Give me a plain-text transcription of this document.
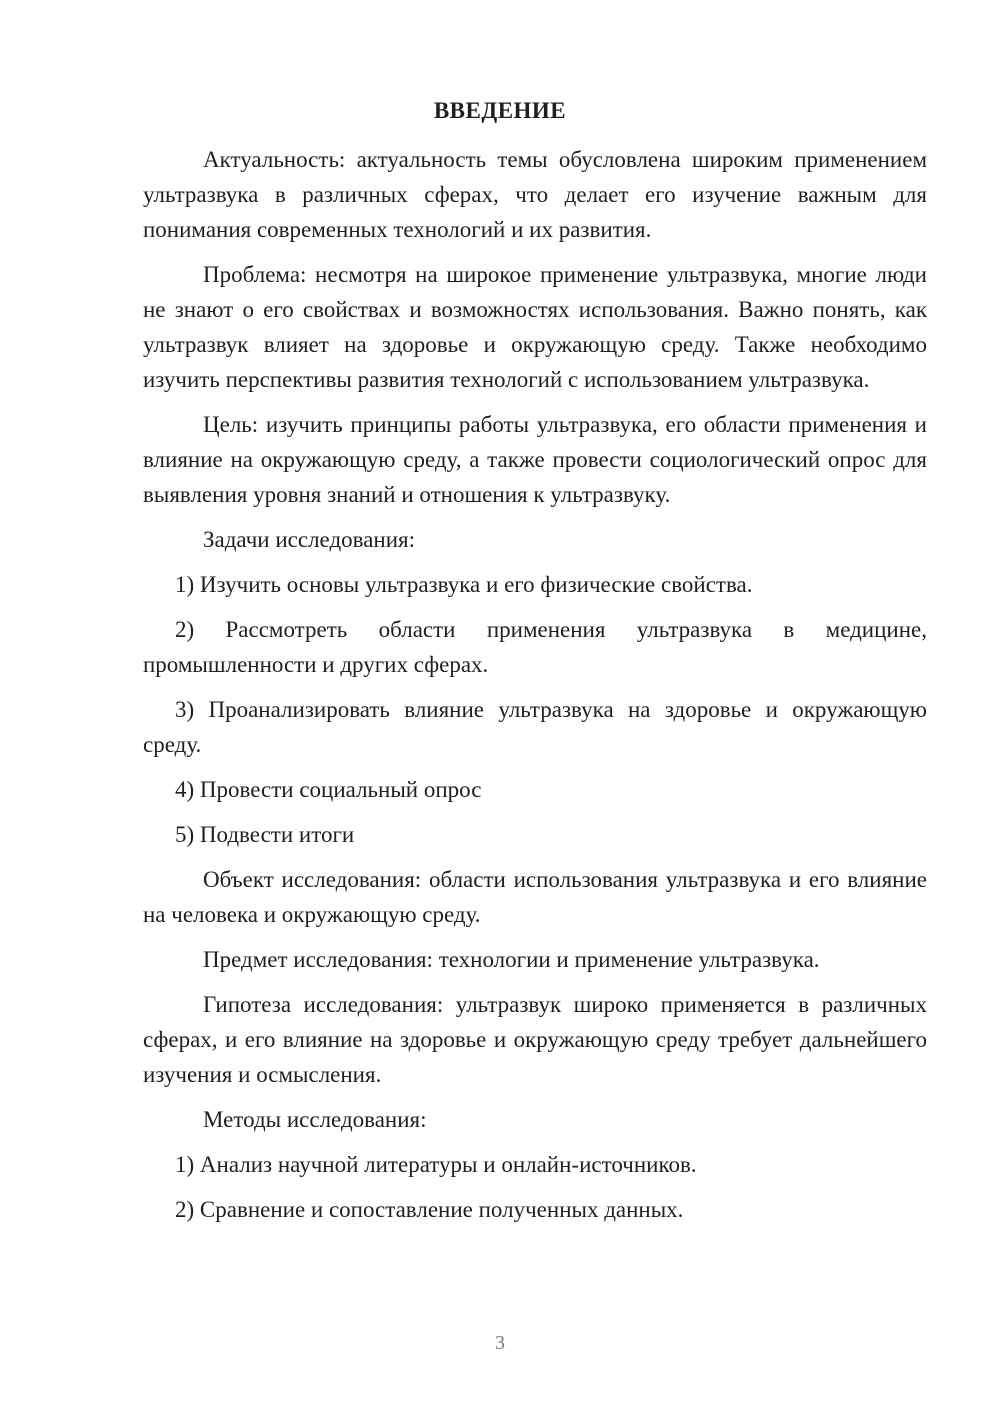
ВВЕДЕНИЕ

Актуальность: актуальность темы обусловлена широким применением ультразвука в различных сферах, что делает его изучение важным для понимания современных технологий и их развития.

Проблема: несмотря на широкое применение ультразвука, многие люди не знают о его свойствах и возможностях использования. Важно понять, как ультразвук влияет на здоровье и окружающую среду. Также необходимо изучить перспективы развития технологий с использованием ультразвука.

Цель: изучить принципы работы ультразвука, его области применения и влияние на окружающую среду, а также провести социологический опрос для выявления уровня знаний и отношения к ультразвуку.

Задачи исследования:

1) Изучить основы ультразвука и его физические свойства.

2) Рассмотреть области применения ультразвука в медицине, промышленности и других сферах.

3) Проанализировать влияние ультразвука на здоровье и окружающую среду.

4) Провести социальный опрос

5) Подвести итоги

Объект исследования: области использования ультразвука и его влияние на человека и окружающую среду.

Предмет исследования: технологии и применение ультразвука.

Гипотеза исследования: ультразвук широко применяется в различных сферах, и его влияние на здоровье и окружающую среду требует дальнейшего изучения и осмысления.

Методы исследования:

1) Анализ научной литературы и онлайн-источников.

2) Сравнение и сопоставление полученных данных.

3
